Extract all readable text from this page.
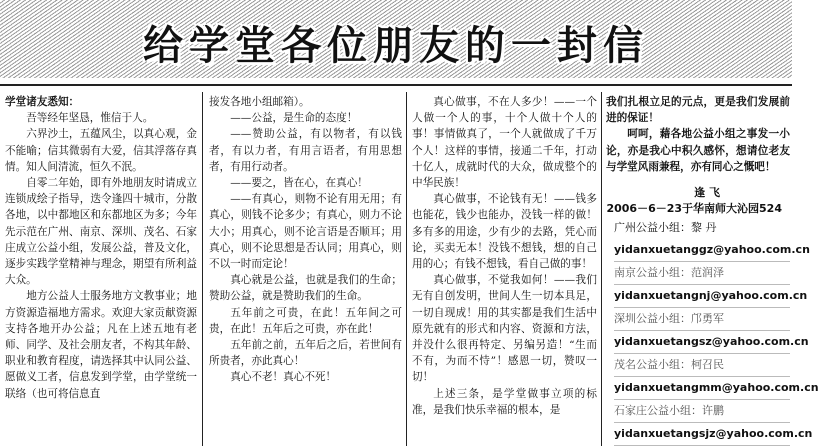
给学堂各位朋友的一封信

学堂诸友悉知：

吾等经年坚恳，惟信于人。

六界沙土，五蕴风尘，以真心观，金不能喻；信其微弱有大爱，信其浮落存真情。知人间清流，恒久不泯。

自零二年始，即有外地朋友时请成立连锁成绘子指导，迭令逢四十城市，分散各地，以中都地区和东都地区为多；今年先示范在广州、南京、深圳、茂名、石家庄成立公益小组，发展公益，普及文化，逐步实践学堂精神与理念，期望有所利益大众。

地方公益人士服务地方文教事业；地方资源造福地方需求。欢迎大家贡献资源支持各地开办公益；凡在上述五地有老师、同学、及社会朋友者，不构其年龄、职业和教育程度，请选择其中认同公益、愿做义工者，信息发到学堂，由学堂统一联络（也可将信息直

接发各地小组邮箱）。

——公益，是生命的态度！

——赞助公益，有以物者，有以钱者，有以力者，有用言语者，有用思想者，有用行动者。

——要之，皆在心，在真心！

——有真心，则物不论有用无用；有真心，则钱不论多少；有真心，则力不论大小；用真心，则不论言语是否顺耳；用真心，则不论思想是否认同；用真心，则不以一时而定论！

真心就是公益，也就是我们的生命；赞助公益，就是赞助我们的生命。

五年前之可贵，在此！五年间之可贵，在此！五年后之可贵，亦在此！

五年前之前，五年后之后，若世间有所贵者，亦此真心！

真心不老！真心不死！

真心做事，不在人多少！——一个人做一个人的事，十个人做十个人的事！事情做真了，一个人就做成了千万个人！这样的事情，接通二千年，打动十亿人，成就时代的大众，做成整个的中华民族！

真心做事，不论钱有无！——钱多也能花，钱少也能办，没钱一样的做！多有多的用途，少有少的去路，凭心而论，买卖无本！没钱不想钱，想的自己用的心；有钱不想钱，看自己做的事！

真心做事，不觉我如何！——我们无有自创发明，世间人生一切本具足，一切自现成！用的其实都是我们生活中原先就有的形式和内容、资源和方法，并没什么很再特定、另编另造！“生而不有，为而不恃”！感恩一切，赞叹一切！

上述三条，是学堂做事立项的标准，是我们快乐幸福的根本，是

我们扎根立足的元点，更是我们发展前进的保证！

呵呵，藉各地公益小组之事发一小论，亦是我心中积久感怀，想请位老友与学堂风雨兼程，亦有同心之慨吧！

逢 飞

2006－6－23于华南师大沁园524

广州公益小组：黎 丹
yidanxuetanggz@yahoo.com.cn
南京公益小组：范润泽
yidanxuetangnj@yahoo.com.cn
深圳公益小组：邝勇军
yidanxuetangsz@yahoo.com.cn
茂名公益小组：柯召民
yidanxuetangmm@yahoo.com.cn
石家庄公益小组：许鹏
yidanxuetangsjz@yahoo.com.cn
